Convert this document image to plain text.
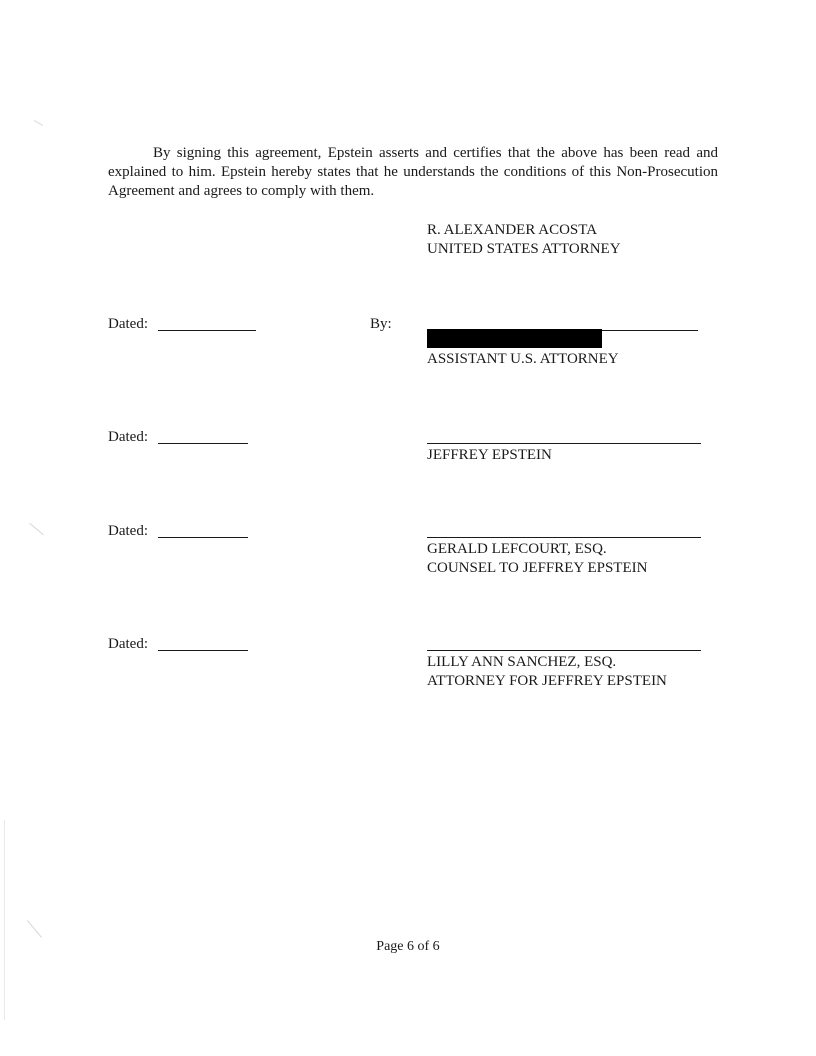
By signing this agreement, Epstein asserts and certifies that the above has been read and explained to him. Epstein hereby states that he understands the conditions of this Non-Prosecution Agreement and agrees to comply with them.

R. ALEXANDER ACOSTA
UNITED STATES ATTORNEY
Dated:	By:
ASSISTANT U.S. ATTORNEY
Dated:
JEFFREY EPSTEIN
Dated:
GERALD LEFCOURT, ESQ.
COUNSEL TO JEFFREY EPSTEIN
Dated:
LILLY ANN SANCHEZ, ESQ.
ATTORNEY FOR JEFFREY EPSTEIN
Page 6 of 6
